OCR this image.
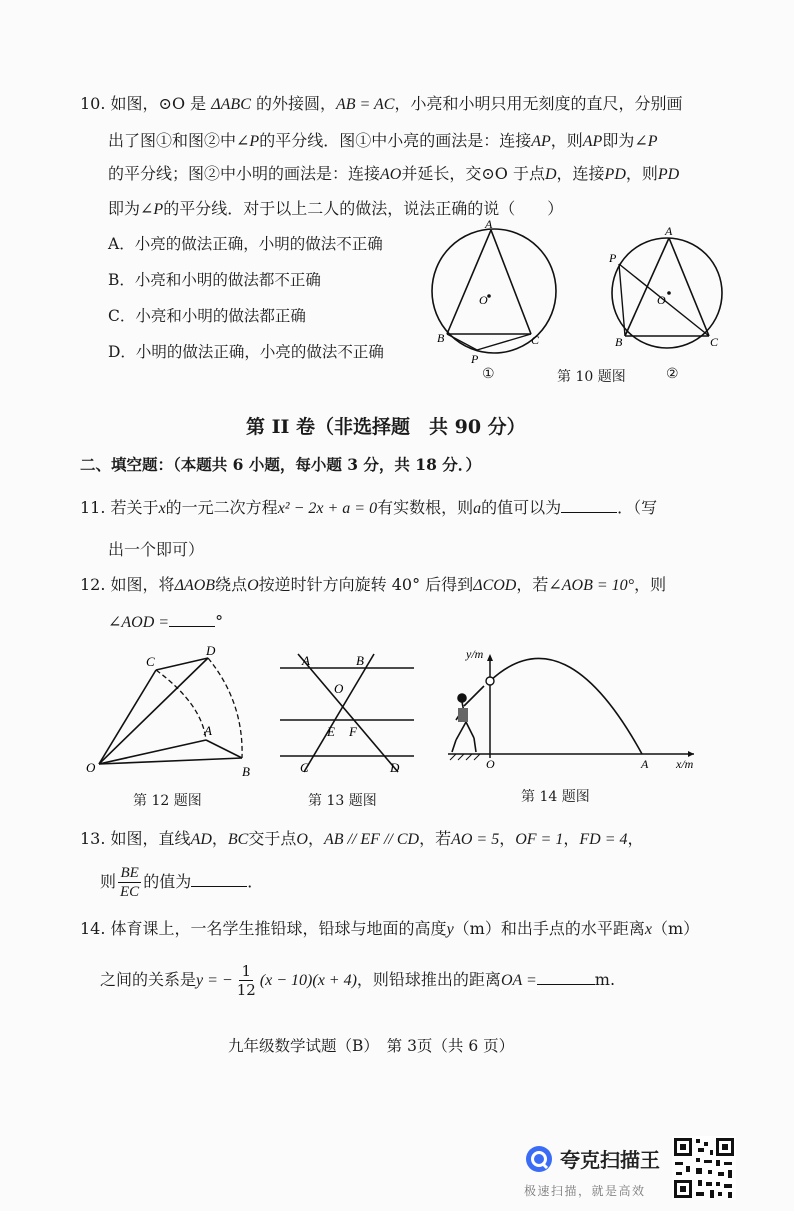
10. 如图，⊙O 是 ΔABC 的外接圆，AB = AC，小亮和小明只用无刻度的直尺，分别画
出了图①和图②中∠P的平分线．图①中小亮的画法是：连接AP，则AP即为∠P
的平分线；图②中小明的画法是：连接AO并延长，交⊙O 于点D，连接PD，则PD
即为∠P的平分线．对于以上二人的做法，说法正确的说（　　）
A．小亮的做法正确，小明的做法不正确
B．小亮和小明的做法都不正确
C．小亮和小明的做法都正确
D．小明的做法正确，小亮的做法不正确
A
B	C
O
P
A
B	C
O
P
①	第 10 题图	②
第 II 卷（非选择题　共 90 分）
二、填空题：（本题共 6 小题，每小题 3 分，共 18 分．）
11. 若关于x的一元二次方程x² − 2x + a = 0有实数根，则a的值可以为	．（写
出一个即可）
12. 如图，将ΔAOB绕点O按逆时针方向旋转 40° 后得到ΔCOD，若∠AOB = 10°，则
∠AOD =	°
C
D
A
O	B
第 12 题图
A	B
O
E F
C	D
第 13 题图
y/m
x/m
O	A
第 14 题图
13. 如图，直线AD，BC交于点O，AB // EF // CD，若AO = 5，OF = 1，FD = 4，
则 $\frac{BE}{EC}$ 的值为	．
14. 体育课上，一名学生推铅球，铅球与地面的高度y（m）和出手点的水平距离x（m）
之间的关系是y = − $\frac{1}{12} (x - 10)(x + 4)$，则铅球推出的距离OA =	m.
九年级数学试题（B）　第 3页（共 6 页）
夸克扫描王
极速扫描，就是高效
